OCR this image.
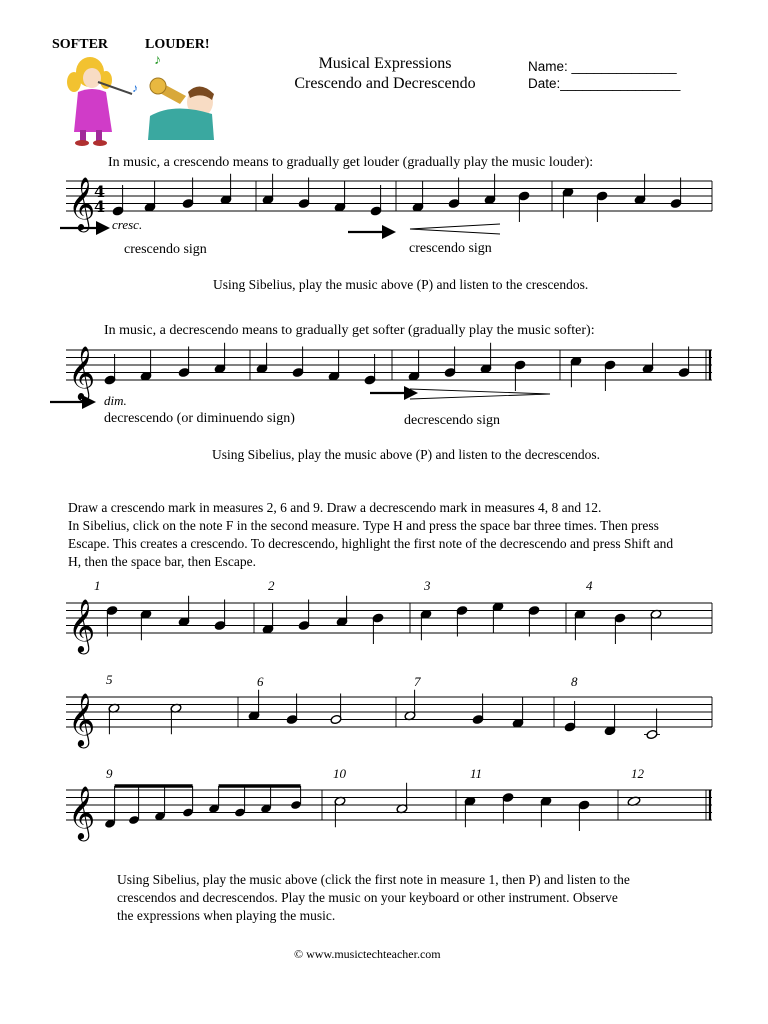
SOFTER	LOUDER!
♪
♪	Musical Expressions
Crescendo and Decrescendo
Name: ______________
Date:________________
In music, a crescendo means to gradually get louder (gradually play the music louder):
𝄞
4
4
cresc.
crescendo sign	crescendo sign
Using Sibelius, play the music above (P) and listen to the crescendos.
In music, a decrescendo means to gradually get softer (gradually play the music softer):
𝄞
dim.
decrescendo (or diminuendo sign)	decrescendo sign
Using Sibelius, play the music above (P) and listen to the decrescendos.
Draw a crescendo mark in measures 2, 6 and 9. Draw a decrescendo mark in measures 4, 8 and 12.
In Sibelius, click on the note F in the second measure. Type H and press the space bar three times. Then press
Escape. This creates a crescendo. To decrescendo, highlight the first note of the decrescendo and press Shift and
H, then the space bar, then Escape.
𝄞
𝄞
𝄞
1	2	3	4
5	6	7	8
9	10	11	12
Using Sibelius, play the music above (click the first note in measure 1, then P) and listen to the
crescendos and decrescendos. Play the music on your keyboard or other instrument. Observe
the expressions when playing the music.
© www.musictechteacher.com
